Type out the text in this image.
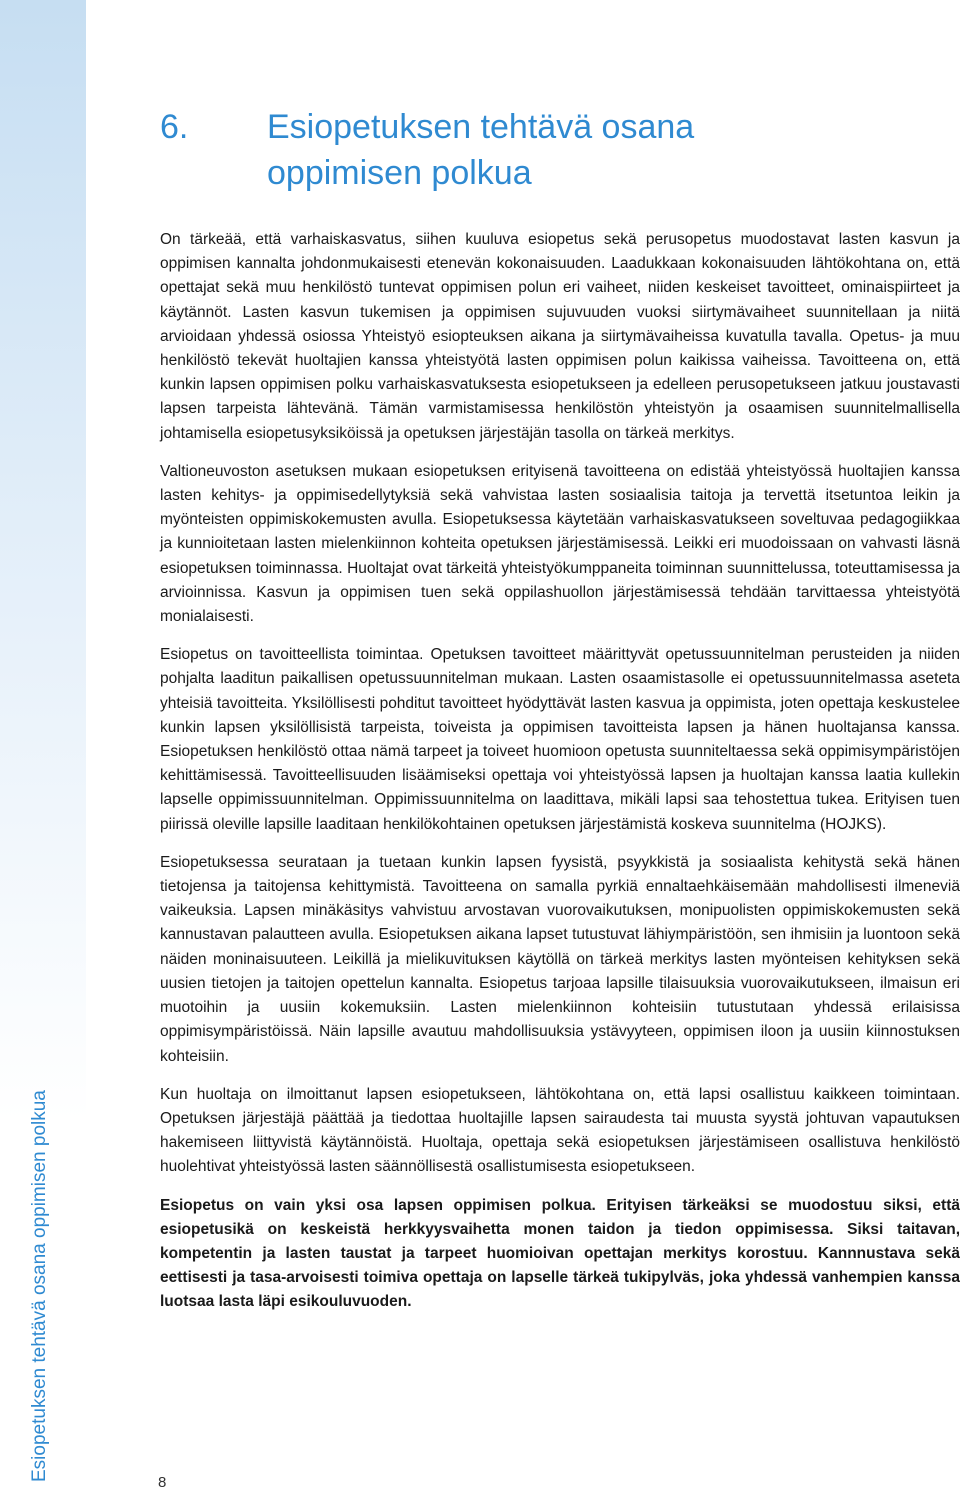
Esiopetuksen tehtävä osana oppimisen polkua
6. Esiopetuksen tehtävä osana
oppimisen polkua

On tärkeää, että varhaiskasvatus, siihen kuuluva esiopetus sekä perusopetus muodostavat lasten kasvun ja oppimisen kannalta johdonmukaisesti etenevän kokonaisuuden. Laadukkaan kokonaisuuden lähtökohtana on, että opettajat sekä muu henkilöstö tuntevat oppimisen polun eri vaiheet, niiden keskeiset tavoitteet, ominaispiirteet ja käytännöt. Lasten kasvun tukemisen ja oppimisen sujuvuuden vuoksi siirtymävaiheet suunnitellaan ja niitä arvioidaan yhdessä osiossa Yhteistyö esiopteuksen aikana ja siirtymävaiheissa kuvatulla tavalla. Opetus- ja muu henkilöstö tekevät huoltajien kanssa yhteistyötä lasten oppimisen polun kaikissa vaiheissa. Tavoitteena on, että kunkin lapsen oppimisen polku varhaiskasvatuksesta esiopetukseen ja edelleen perusopetukseen jatkuu joustavasti lapsen tarpeista lähtevänä. Tämän varmistamisessa henkilöstön yhteistyön ja osaamisen suunnitelmallisella johtamisella esiopetusyksiköissä ja opetuksen järjestäjän tasolla on tärkeä merkitys.

Valtioneuvoston asetuksen mukaan esiopetuksen erityisenä tavoitteena on edistää yhteistyössä huoltajien kanssa lasten kehitys- ja oppimisedellytyksiä sekä vahvistaa lasten sosiaalisia taitoja ja tervettä itsetuntoa leikin ja myönteisten oppimiskokemusten avulla. Esiopetuksessa käytetään varhaiskasvatukseen soveltuvaa pedagogiikkaa ja kunnioitetaan lasten mielenkiinnon kohteita opetuksen järjestämisessä. Leikki eri muodoissaan on vahvasti läsnä esiopetuksen toiminnassa. Huoltajat ovat tärkeitä yhteistyökumppaneita toiminnan suunnittelussa, toteuttamisessa ja arvioinnissa. Kasvun ja oppimisen tuen sekä oppilashuollon järjestämisessä tehdään tarvittaessa yhteistyötä monialaisesti.

Esiopetus on tavoitteellista toimintaa. Opetuksen tavoitteet määrittyvät opetussuunnitelman perusteiden ja niiden pohjalta laaditun paikallisen opetussuunnitelman mukaan. Lasten osaamistasolle ei opetussuunnitelmassa aseteta yhteisiä tavoitteita. Yksilöllisesti pohditut tavoitteet hyödyttävät lasten kasvua ja oppimista, joten opettaja keskustelee kunkin lapsen yksilöllisistä tarpeista, toiveista ja oppimisen tavoitteista lapsen ja hänen huoltajansa kanssa. Esiopetuksen henkilöstö ottaa nämä tarpeet ja toiveet huomioon opetusta suunniteltaessa sekä oppimisympäristöjen kehittämisessä. Tavoitteellisuuden lisäämiseksi opettaja voi yhteistyössä lapsen ja huoltajan kanssa laatia kullekin lapselle oppimissuunnitelman. Oppimissuunnitelma on laadittava, mikäli lapsi saa tehostettua tukea. Erityisen tuen piirissä oleville lapsille laaditaan henkilökohtainen opetuksen järjestämistä koskeva suunnitelma (HOJKS).

Esiopetuksessa seurataan ja tuetaan kunkin lapsen fyysistä, psyykkistä ja sosiaalista kehitystä sekä hänen tietojensa ja taitojensa kehittymistä. Tavoitteena on samalla pyrkiä ennaltaehkäisemään mahdollisesti ilmeneviä vaikeuksia. Lapsen minäkäsitys vahvistuu arvostavan vuorovaikutuksen, monipuolisten oppimiskokemusten sekä kannustavan palautteen avulla. Esiopetuksen aikana lapset tutustuvat lähiympäristöön, sen ihmisiin ja luontoon sekä näiden moninaisuuteen. Leikillä ja mielikuvituksen käytöllä on tärkeä merkitys lasten myönteisen kehityksen sekä uusien tietojen ja taitojen opettelun kannalta. Esiopetus tarjoaa lapsille tilaisuuksia vuorovaikutukseen, ilmaisun eri muotoihin ja uusiin kokemuksiin. Lasten mielenkiinnon kohteisiin tutustutaan yhdessä erilaisissa oppimisympäristöissä. Näin lapsille avautuu mahdollisuuksia ystävyyteen, oppimisen iloon ja uusiin kiinnostuksen kohteisiin.

Kun huoltaja on ilmoittanut lapsen esiopetukseen, lähtökohtana on, että lapsi osallistuu kaikkeen toimintaan. Opetuksen järjestäjä päättää ja tiedottaa huoltajille lapsen sairaudesta tai muusta syystä johtuvan vapautuksen hakemiseen liittyvistä käytännöistä. Huoltaja, opettaja sekä esiopetuksen järjestämiseen osallistuva henkilöstö huolehtivat yhteistyössä lasten säännöllisestä osallistumisesta esiopetukseen.

Esiopetus on vain yksi osa lapsen oppimisen polkua. Erityisen tärkeäksi se muodostuu siksi, että esiopetusikä on keskeistä herkkyysvaihetta monen taidon ja tiedon oppimisessa. Siksi taitavan, kompetentin ja lasten taustat ja tarpeet huomioivan opettajan merkitys korostuu. Kannnustava sekä eettisesti ja tasa-arvoisesti toimiva opettaja on lapselle tärkeä tukipylväs, joka yhdessä vanhempien kanssa luotsaa lasta läpi esikouluvuoden.

8
